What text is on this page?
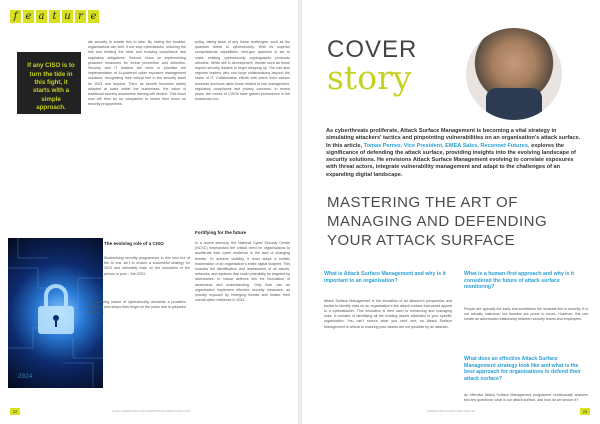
f e a t u r e

If any CISO is to turn the tide in this fight, it starts with a simple approach.

ate security to enable this to take. By having the broader, organisations can limit, if not stop cyberattacks, reducing the risk and treating the strict and evolving compliance and regulatory obligations. Second, focus on implementing proactive measures for threat prevention and detection. Security and IT leaders will need to prioritise the implementation of AI-powered cyber exposure management solutions, recognising their critical role in the security stack for 2024 and beyond. Third, as benefit becomes widely adopted at scale within the businesses, the value of traditional security awareness training will decline. This focus now will then be for companies to renew their focus on security programmes.

policy, taking stock of any future challenges, such as the quantum threat to cybersecurity. With its superior computational capabilities, next-gen quantum is set to make existing cybersecurity cryptographic protocols obsolete. While still in development, threats such as these require security leaders to begin stepping up. The role also requires leaders who can forge collaborations beyond the realm of IT. Collaborative efforts with peers from various business functions allow those related to risk management, regulatory compliance and privacy concerns. In recent years, the voices of CISOs have gained prominence in the boardroom too.

2024
The evolving role of a CISO

Modernising security programmes in this new era of the AI era, isn't to ensure a successful strategy for 2024 and ultimately rests on the shoulders of the person in post – the CISO.

The evolving nature of cybersecurity demands a proactive individual who keeps their finger on the pulse and is prepared to guide ...

Fortifying for the future

In a recent advisory, the National Cyber Security Centre (NCSC) emphasised the critical need for organisations to accelerate their cyber resilience in the face of changing threats. To achieve visibility, it must adopt a holistic examination of an organisation's entire digital footprint. This includes the identification and assessment of all assets, networks, and systems that could potentially be targeted by adversaries. In robust defence lies the foundation of awareness and understanding. Only then can an organisation implement effective security measures, as proudly exposed by emerging threats and bolster their overall cyber resilience in 2024.

22	22 ELLASERVICES.COM WWW.INTELLIGENTCISO.COM
COVER
story

As cyberthreats proliferate, Attack Surface Management is becoming a vital strategy in simulating attackers' tactics and pinpointing vulnerabilities on an organisation's attack surface. In this article, Tomas Perreo, Vice President, EMEA Sales, Reconnet Futures, explores the significance of defending the attack surface, providing insights into the evolving landscape of security solutions. He envisions Attack Surface Management evolving to correlate exposures with threat actors, integrate vulnerability management and adapt to the challenges of an expanding digital landscape.

MASTERING THE ART OF MANAGING AND DEFENDING YOUR ATTACK SURFACE
What is Attack Surface Management and why is it important to an organisation?

Attack Surface Management is the emulation of an attacker's perspective and tactics to identify risks on an organisation's live attack surface that would appeal to a cyberattacker. This emulation is then used to enhancing and managing risks. It consists of identifying all the existing assets attributed to your specific organisation. You can't secure what you can't see, so Attack Surface Management is critical to ensuring your assets are not possible by an attacker.

What is a human-first approach and why is it considered the future of attack surface monitoring?

People are typically the early and sometimes the weakest link in security. It is not actually malicious, but humans are prone to errors. However, this can create an adversarial relationship between security teams and employees.

What does an effective Attack Surface Management strategy look like and what is the best approach for organisations to defend their attack surface?

An effective Attack Surface Management programme continuously answers two key questions; what is our attack surface, and how do we secure it?

23
WWW.INTELLIGENTCISO.COM 23
